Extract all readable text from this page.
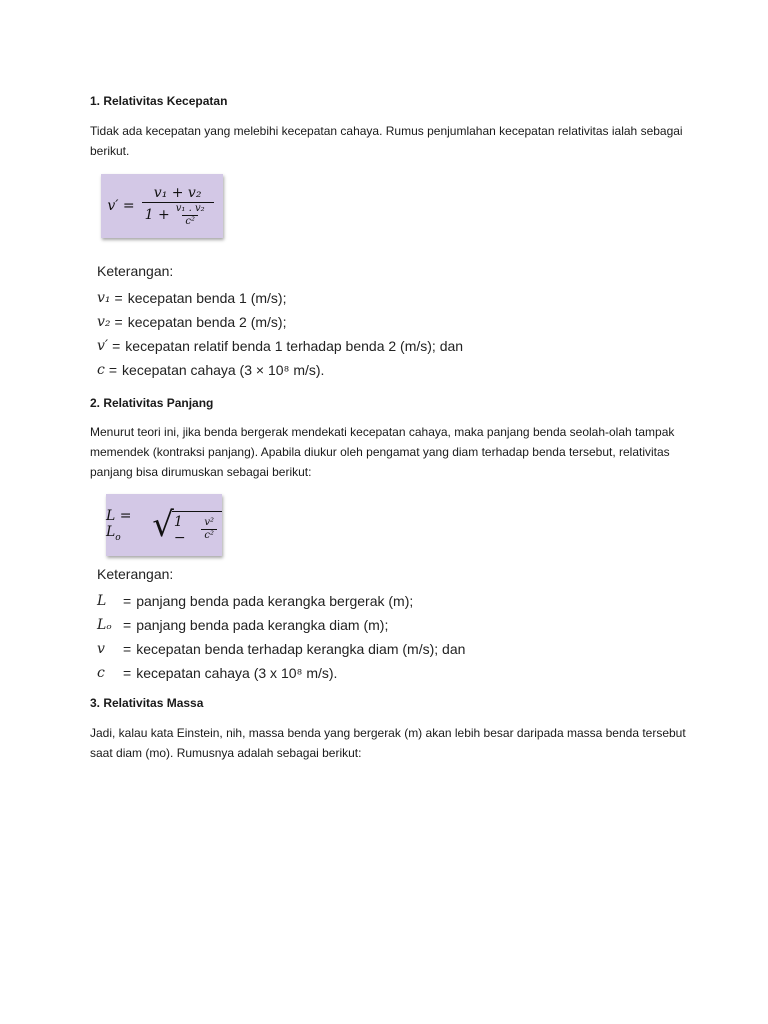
1. Relativitas Kecepatan

Tidak ada kecepatan yang melebihi kecepatan cahaya. Rumus penjumlahan kecepatan relativitas ialah sebagai berikut.

$v' = \frac{\text{v₁ + v₂}}{1 + \frac{\text{v₁ . v₂}}{\text{c²}}}$

Keterangan:

v₁ = kecepatan benda 1 (m/s);
v₂ = kecepatan benda 2 (m/s);
v′ = kecepatan relatif benda 1 terhadap benda 2 (m/s); dan
c = kecepatan cahaya (3 × 10⁸ m/s).
2. Relativitas Panjang

Menurut teori ini, jika benda bergerak mendekati kecepatan cahaya, maka panjang benda seolah-olah tampak memendek (kontraksi panjang). Apabila diukur oleh pengamat yang diam terhadap benda tersebut, relativitas panjang bisa dirumuskan sebagai berikut:

$L = L_o$ √ 1 −	$\frac{\text{v²}}{\text{c²}}$

Keterangan:

L	= panjang benda pada kerangka bergerak (m);
Lₒ = panjang benda pada kerangka diam (m);
v	= kecepatan benda terhadap kerangka diam (m/s); dan
c	= kecepatan cahaya (3 x 10⁸ m/s).
3. Relativitas Massa

Jadi, kalau kata Einstein, nih, massa benda yang bergerak (m) akan lebih besar daripada massa benda tersebut saat diam (mo). Rumusnya adalah sebagai berikut:
